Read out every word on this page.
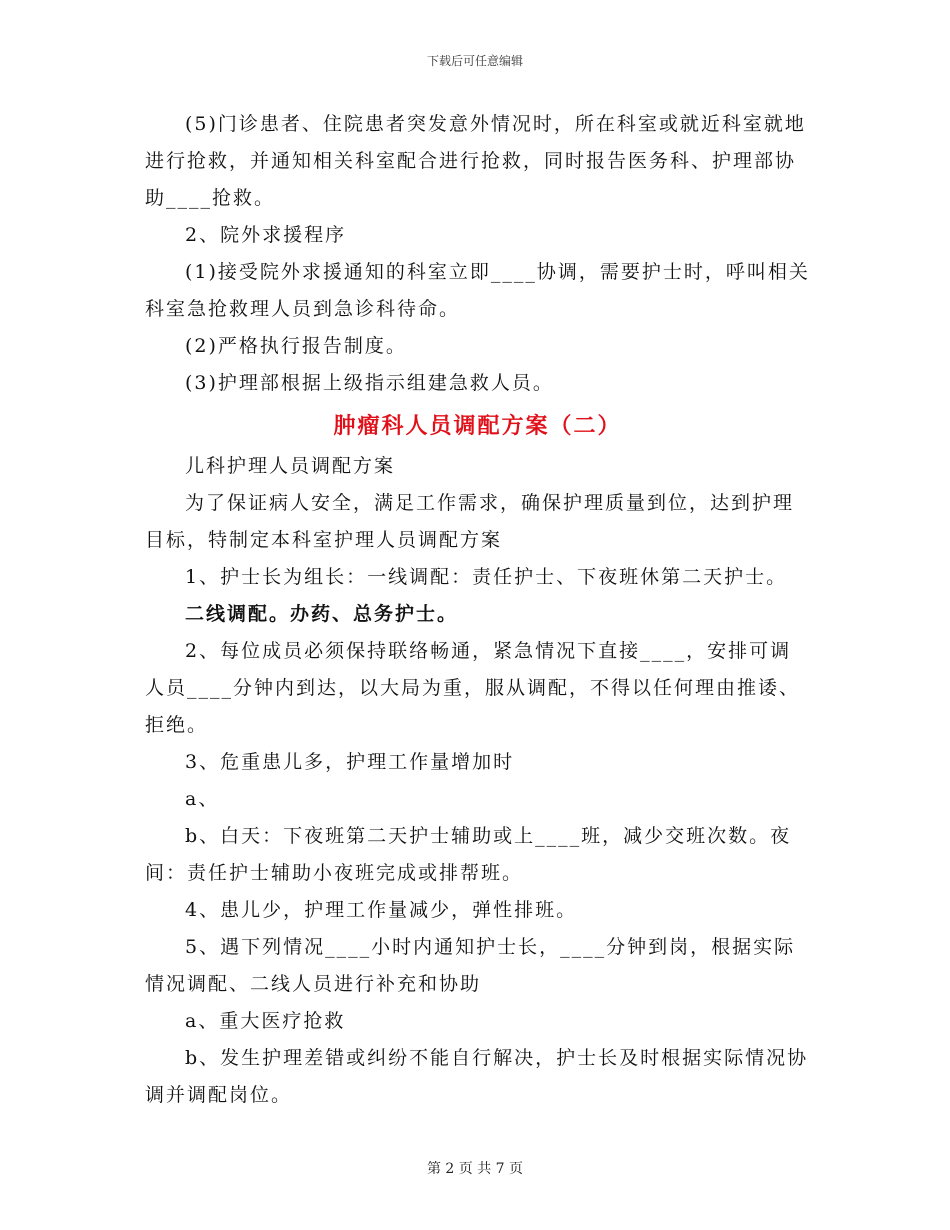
下载后可任意编辑

(5)门诊患者、住院患者突发意外情况时，所在科室或就近科室就地进行抢救，并通知相关科室配合进行抢救，同时报告医务科、护理部协助____抢救。

2、院外求援程序

(1)接受院外求援通知的科室立即____协调，需要护士时，呼叫相关科室急抢救理人员到急诊科待命。

(2)严格执行报告制度。

(3)护理部根据上级指示组建急救人员。

肿瘤科人员调配方案（二）

儿科护理人员调配方案

为了保证病人安全，满足工作需求，确保护理质量到位，达到护理目标，特制定本科室护理人员调配方案

1、护士长为组长：一线调配：责任护士、下夜班休第二天护士。

二线调配。办药、总务护士。

2、每位成员必须保持联络畅通，紧急情况下直接____，安排可调人员____分钟内到达，以大局为重，服从调配，不得以任何理由推诿、拒绝。

3、危重患儿多，护理工作量增加时

a、

b、白天：下夜班第二天护士辅助或上____班，减少交班次数。夜间：责任护士辅助小夜班完成或排帮班。

4、患儿少，护理工作量减少，弹性排班。

5、遇下列情况____小时内通知护士长，____分钟到岗，根据实际情况调配、二线人员进行补充和协助

a、重大医疗抢救

b、发生护理差错或纠纷不能自行解决，护士长及时根据实际情况协调并调配岗位。

第 2 页 共 7 页
